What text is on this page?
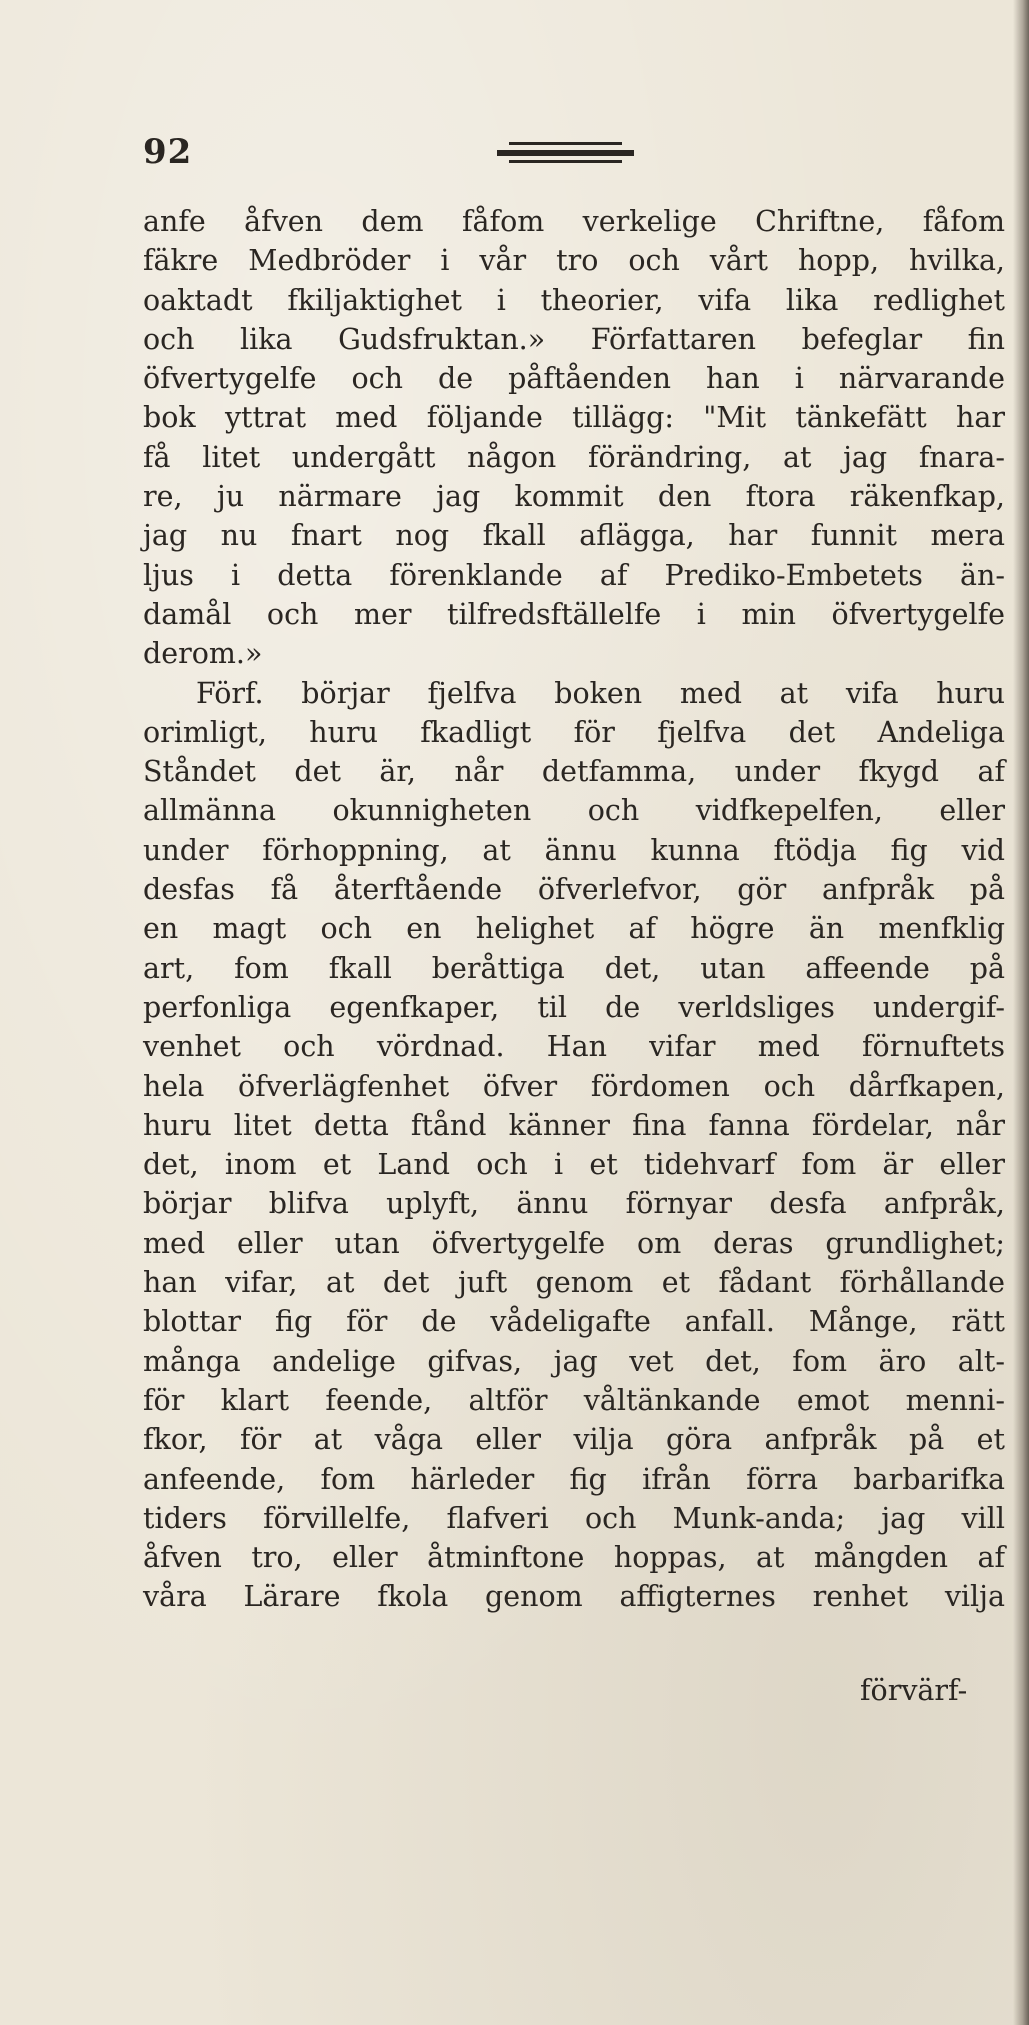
92
anfe åfven dem fåfom verkelige Chriftne, fåfom
fäkre Medbröder i vår tro och vårt hopp, hvilka,
oaktadt fkiljaktighet i theorier, vifa lika redlighet
och lika Gudsfruktan.» Författaren befeglar fin
öfvertygelfe och de påftåenden han i närvarande
bok yttrat med följande tillägg: "Mit tänkefätt har
få litet undergått någon förändring, at jag fnara-
re, ju närmare jag kommit den ftora räkenfkap,
jag nu fnart nog fkall aflägga, har funnit mera
ljus i detta förenklande af Prediko-Embetets än-
damål och mer tilfredsftällelfe i min öfvertygelfe
derom.»
Förf. börjar fjelfva boken med at vifa huru
orimligt, huru fkadligt för fjelfva det Andeliga
Ståndet det är, når detfamma, under fkygd af
allmänna okunnigheten och vidfkepelfen, eller
under förhoppning, at ännu kunna ftödja fig vid
desfas få återftående öfverlefvor, gör anfpråk på
en magt och en helighet af högre än menfklig
art, fom fkall beråttiga det, utan affeende på
perfonliga egenfkaper, til de verldsliges undergif-
venhet och vördnad. Han vifar med förnuftets
hela öfverlägfenhet öfver fördomen och dårfkapen,
huru litet detta ftånd känner fina fanna fördelar, når
det, inom et Land och i et tidehvarf fom är eller
börjar blifva uplyft, ännu förnyar desfa anfpråk,
med eller utan öfvertygelfe om deras grundlighet;
han vifar, at det juft genom et fådant förhållande
blottar fig för de vådeligafte anfall. Månge, rätt
många andelige gifvas, jag vet det, fom äro alt-
för klart feende, altför våltänkande emot menni-
fkor, för at våga eller vilja göra anfpråk på et
anfeende, fom härleder fig ifrån förra barbarifka
tiders förvillelfe, flafveri och Munk-anda; jag vill
åfven tro, eller åtminftone hoppas, at mångden af
våra Lärare fkola genom affigternes renhet vilja
förvärf-
